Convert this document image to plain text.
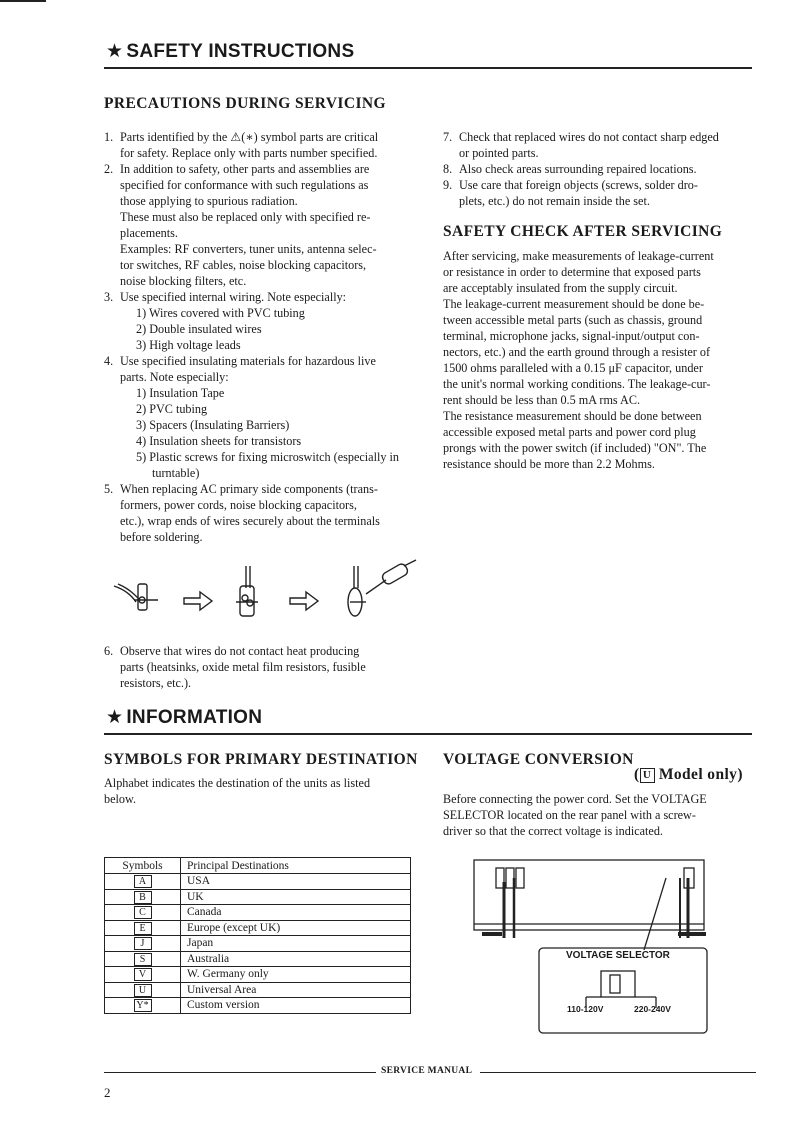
★ SAFETY INSTRUCTIONS
PRECAUTIONS DURING SERVICING
1. Parts identified by the ⚠(∗) symbol parts are critical
for safety. Replace only with parts number specified.
2. In addition to safety, other parts and assemblies are
specified for conformance with such regulations as
those applying to spurious radiation.
These must also be replaced only with specified re-
placements.
Examples: RF converters, tuner units, antenna selec-
tor switches, RF cables, noise blocking capacitors,
noise blocking filters, etc.
3. Use specified internal wiring. Note especially:
1) Wires covered with PVC tubing
2) Double insulated wires
3) High voltage leads
4. Use specified insulating materials for hazardous live
parts. Note especially:
1) Insulation Tape
2) PVC tubing
3) Spacers (Insulating Barriers)
4) Insulation sheets for transistors
5) Plastic screws for fixing microswitch (especially in
turntable)
5. When replacing AC primary side components (trans-
formers, power cords, noise blocking capacitors,
etc.), wrap ends of wires securely about the terminals
before soldering.
6. Observe that wires do not contact heat producing
parts (heatsinks, oxide metal film resistors, fusible
resistors, etc.).
7. Check that replaced wires do not contact sharp edged
or pointed parts.
8. Also check areas surrounding repaired locations.
9. Use care that foreign objects (screws, solder dro-
plets, etc.) do not remain inside the set.
SAFETY CHECK AFTER SERVICING
After servicing, make measurements of leakage-current
or resistance in order to determine that exposed parts
are acceptably insulated from the supply circuit.
The leakage-current measurement should be done be-
tween accessible metal parts (such as chassis, ground
terminal, microphone jacks, signal-input/output con-
nectors, etc.) and the earth ground through a resister of
1500 ohms paralleled with a 0.15 μF capacitor, under
the unit's normal working conditions. The leakage-cur-
rent should be less than 0.5 mA rms AC.
The resistance measurement should be done between
accessible exposed metal parts and power cord plug
prongs with the power switch (if included) "ON". The
resistance should be more than 2.2 Mohms.
★ INFORMATION
SYMBOLS FOR PRIMARY DESTINATION
Alphabet indicates the destination of the units as listed
below.
Symbols	Principal Destinations
A	USA
B	UK
C	Canada
E	Europe (except UK)
J	Japan
S	Australia
V	W. Germany only
U	Universal Area
Y*	Custom version
VOLTAGE CONVERSION
( U Model only)
Before connecting the power cord. Set the VOLTAGE
SELECTOR located on the rear panel with a screw-
driver so that the correct voltage is indicated.
VOLTAGE SELECTOR
110-120V	220-240V
SERVICE MANUAL
2
